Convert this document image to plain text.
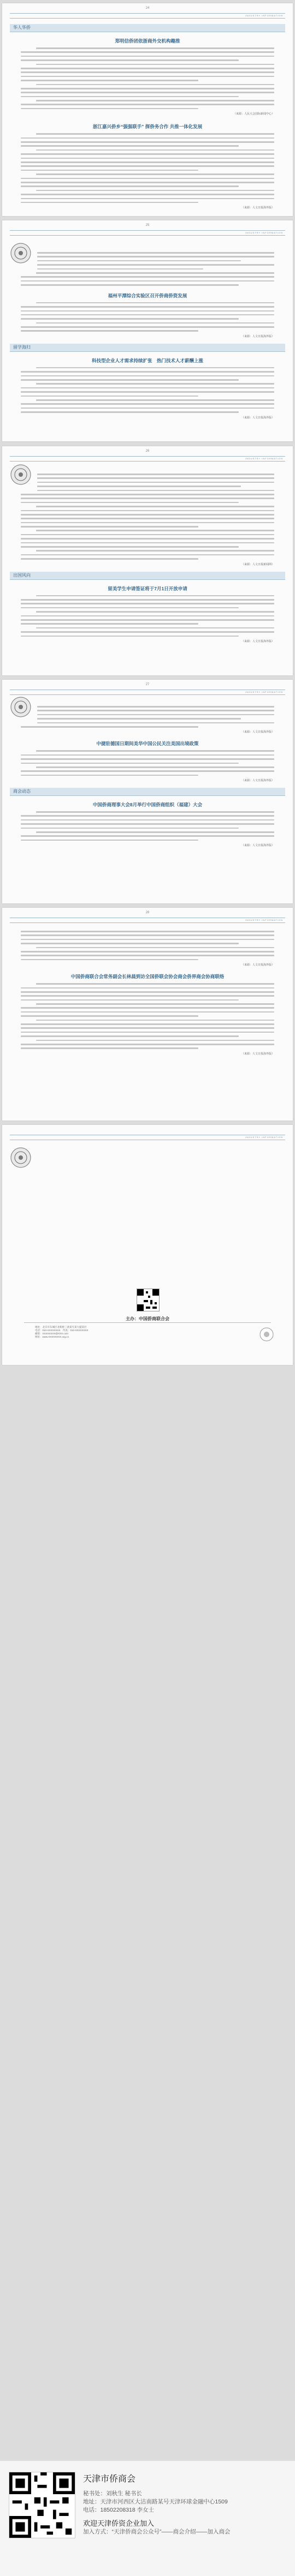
24
INDUSTRY INFORMATION
华人华侨
郑明信侨团依浙商外交机构趣推
（来源：人民大会国际新闻中心）
浙江嘉兴侨乡“强强联手” 探侨务合作 共推一体化发展
（来源：人文日报海外版）
25
INDUSTRY INFORMATION
福州平潭综合实验区召开侨商侨资发展
（来源：人文日报海外版）
留学海归
科技型企业人才需求持续扩张　热门技术人才薪酬上涨
（来源：人文日报海外版）
26
INDUSTRY INFORMATION
（来源：人文日报新闻网）
出国风向
留美学生申请签证将于7月1日开放申请
（来源：人文日报海外版）
27
INDUSTRY INFORMATION
（来源：人文日报海外版）
中捷驻德国日期间美华中国公民关注美国出境政策
（来源：人文日报海外版）
商会动态
中国侨商理事大会8月举行中国侨商组织（福建）大会
（来源：人文日报海外版）
28
INDUSTRY INFORMATION
（来源：人文日报海外版）
中国侨商联合会常务副会长林晨到访全国侨联会协会商会侨界商会协商联络
（来源：人文日报海外版）

INDUSTRY INFORMATION
主办：中国侨商联合会
地址：北京市东城区北新桥三条某号某大厦某层
电话：010-XXXXXXXX　传真：010-XXXXXXXX
邮箱：XXXXXXXX@XXX.com
网址：www.XXXXXXXX.org.cn
天津市侨商会
秘书处：刘秋生 秘书长
地址：天津市河西区大沽南路某号天津环球金融中心1509
电话：18502208318 李女士
欢迎天津侨资企业加入
加入方式：“天津侨商会公众号”——商会介绍——加入商会
